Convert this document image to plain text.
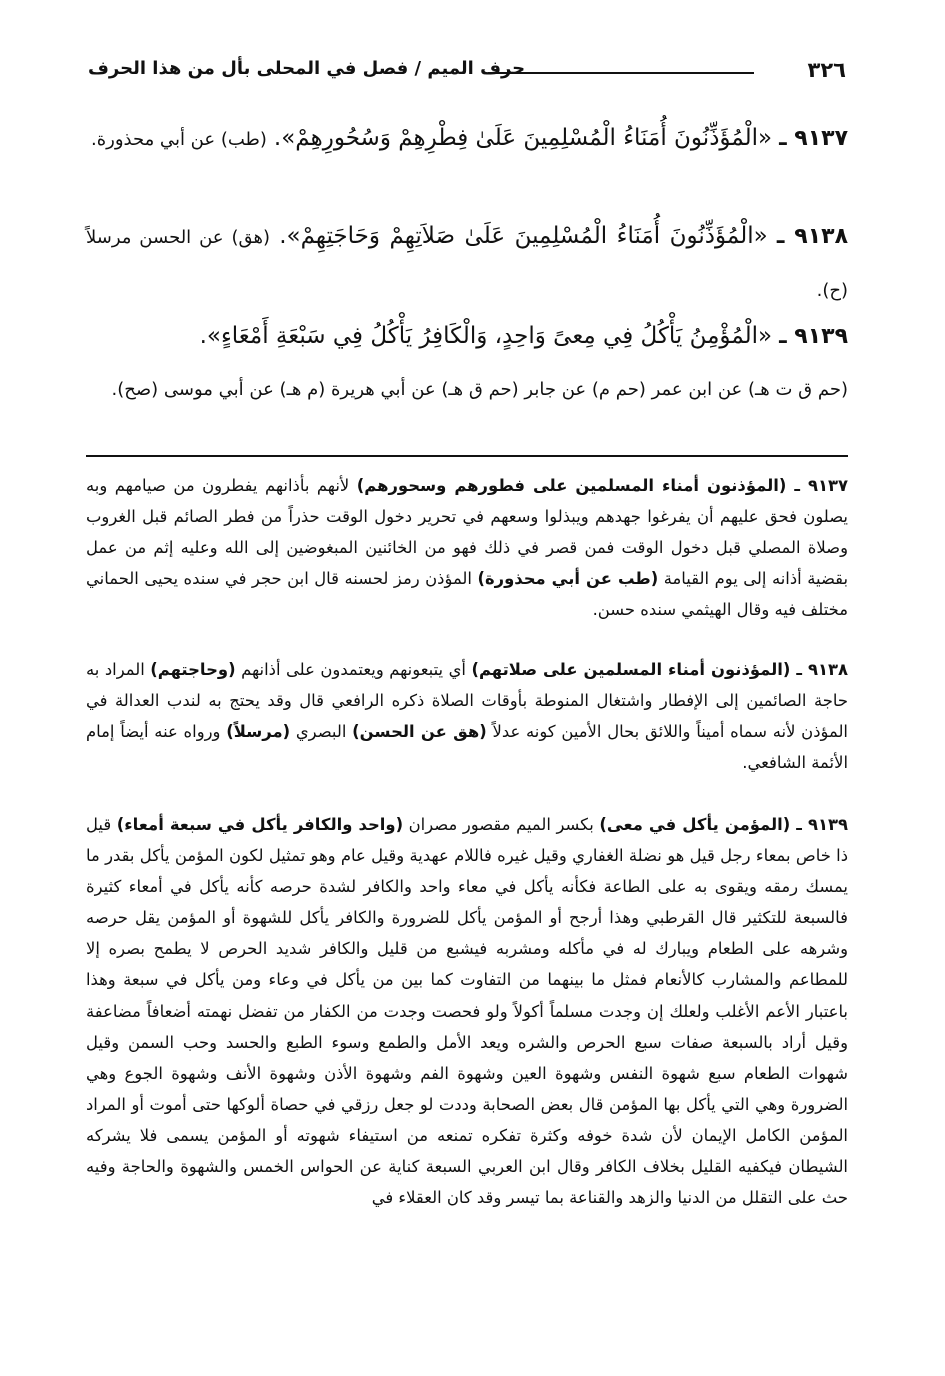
٣٢٦
حرف الميم / فصل في المحلى بأل من هذا الحرف

٩١٣٧ ـ «الْمُؤَذِّنُونَ أُمَنَاءُ الْمُسْلِمِينَ عَلَىٰ فِطْرِهِمْ وَسُحُورِهِمْ». (طب) عن أبي محذورة.

٩١٣٨ ـ «الْمُؤَذِّنُونَ أُمَنَاءُ الْمُسْلِمِينَ عَلَىٰ صَلاَتِهِمْ وَحَاجَتِهِمْ». (هق) عن الحسن مرسلاً (ح).

٩١٣٩ ـ «الْمُؤْمِنُ يَأْكُلُ فِي مِعىً وَاحِدٍ، وَالْكَافِرُ يَأْكُلُ فِي سَبْعَةِ أَمْعَاءٍ».
(حم ق ت هـ) عن ابن عمر (حم م) عن جابر (حم ق هـ) عن أبي هريرة (م هـ) عن أبي موسى (صح).

٩١٣٧ ـ (المؤذنون أمناء المسلمين على فطورهم وسحورهم) لأنهم بأذانهم يفطرون من صيامهم وبه يصلون فحق عليهم أن يفرغوا جهدهم ويبذلوا وسعهم في تحرير دخول الوقت حذراً من فطر الصائم قبل الغروب وصلاة المصلي قبل دخول الوقت فمن قصر في ذلك فهو من الخائنين المبغوضين إلى الله وعليه إثم من عمل بقضية أذانه إلى يوم القيامة (طب عن أبي محذورة) المؤذن رمز لحسنه قال ابن حجر في سنده يحيى الحماني مختلف فيه وقال الهيثمي سنده حسن.

٩١٣٨ ـ (المؤذنون أمناء المسلمين على صلاتهم) أي يتبعونهم ويعتمدون على أذانهم (وحاجتهم) المراد به حاجة الصائمين إلى الإفطار واشتغال المنوطة بأوقات الصلاة ذكره الرافعي قال وقد يحتج به لندب العدالة في المؤذن لأنه سماه أميناً واللائق بحال الأمين كونه عدلاً (هق عن الحسن) البصري (مرسلاً) ورواه عنه أيضاً إمام الأئمة الشافعي.

٩١٣٩ ـ (المؤمن يأكل في معى) بكسر الميم مقصور مصران (واحد والكافر يأكل في سبعة أمعاء) قيل ذا خاص بمعاء رجل قيل هو نضلة الغفاري وقيل غيره فاللام عهدية وقيل عام وهو تمثيل لكون المؤمن يأكل بقدر ما يمسك رمقه ويقوى به على الطاعة فكأنه يأكل في معاء واحد والكافر لشدة حرصه كأنه يأكل في أمعاء كثيرة فالسبعة للتكثير قال القرطبي وهذا أرجح أو المؤمن يأكل للضرورة والكافر يأكل للشهوة أو المؤمن يقل حرصه وشرهه على الطعام ويبارك له في مأكله ومشربه فيشبع من قليل والكافر شديد الحرص لا يطمح بصره إلا للمطاعم والمشارب كالأنعام فمثل ما بينهما من التفاوت كما بين من يأكل في وعاء ومن يأكل في سبعة وهذا باعتبار الأعم الأغلب ولعلك إن وجدت مسلماً أكولاً ولو فحصت وجدت من الكفار من تفضل نهمته أضعافاً مضاعفة وقيل أراد بالسبعة صفات سبع الحرص والشره ويعد الأمل والطمع وسوء الطبع والحسد وحب السمن وقيل شهوات الطعام سبع شهوة النفس وشهوة العين وشهوة الفم وشهوة الأذن وشهوة الأنف وشهوة الجوع وهي الضرورة وهي التي يأكل بها المؤمن قال بعض الصحابة وددت لو جعل رزقي في حصاة ألوكها حتى أموت أو المراد المؤمن الكامل الإيمان لأن شدة خوفه وكثرة تفكره تمنعه من استيفاء شهوته أو المؤمن يسمى فلا يشركه الشيطان فيكفيه القليل بخلاف الكافر وقال ابن العربي السبعة كناية عن الحواس الخمس والشهوة والحاجة وفيه حث على التقلل من الدنيا والزهد والقناعة بما تيسر وقد كان العقلاء في
